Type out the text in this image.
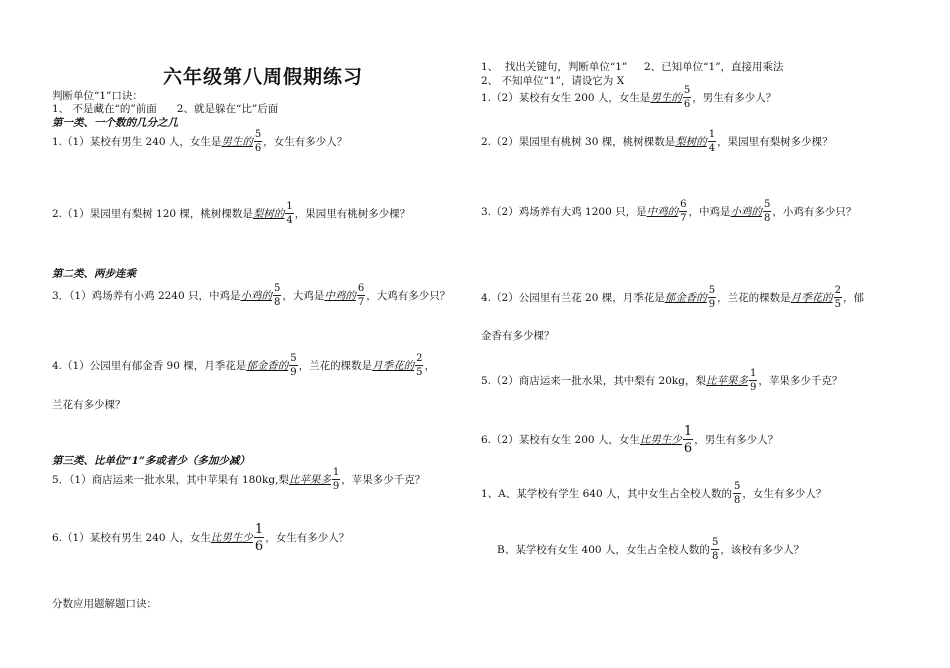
六年级第八周假期练习
判断单位“1”口诀：
1、 不是藏在“的”前面      2、就是躲在“比”后面
第一类、一个数的几分之几
1.（1）某校有男生 240 人，女生是男生的 $\frac{5}{6}$ ，女生有多少人？
2.（1）果园里有梨树 120 棵，桃树棵数是梨树的 $\frac{1}{4}$ ，果园里有桃树多少棵？
第二类、两步连乘
3．（1）鸡场养有小鸡 2240 只，中鸡是小鸡的 $\frac{5}{8}$ ，大鸡是中鸡的 $\frac{6}{7}$ ，大鸡有多少只？
4.（1）公园里有郁金香 90 棵，月季花是郁金香的 $\frac{5}{9}$ ，兰花的棵数是月季花的 $\frac{2}{5}$ ，
兰花有多少棵？
第三类、比单位“1”多或者少（多加少减）
5．（1）商店运来一批水果，其中苹果有 180kg,梨比苹果多 $\frac{1}{9}$ ，苹果多少千克？
6.（1）某校有男生 240 人，女生比男生少 $\frac{1}{6}$ ，女生有多少人？
分数应用题解题口诀：
1、  找出关键句，判断单位“1”     2、已知单位“1”，直接用乘法
2、 不知单位“1”，请设它为 X
1.（2）某校有女生 200 人，女生是男生的 $\frac{5}{6}$ ，男生有多少人？
2.（2）果园里有桃树 30 棵，桃树棵数是梨树的 $\frac{1}{4}$ ，果园里有梨树多少棵？
3.（2）鸡场养有大鸡 1200 只，是中鸡的 $\frac{6}{7}$ ，中鸡是小鸡的 $\frac{5}{8}$ ，小鸡有多少只？
4.（2）公园里有兰花 20 棵，月季花是郁金香的 $\frac{5}{9}$ ，兰花的棵数是月季花的 $\frac{2}{5}$ ，郁
金香有多少棵？
5.（2）商店运来一批水果，其中梨有 20kg，梨比苹果多 $\frac{1}{9}$ ，苹果多少千克？
6.（2）某校有女生 200 人，女生比男生少 $\frac{1}{6}$ ，男生有多少人？
1、A、某学校有学生 640 人，其中女生占全校人数的 $\frac{5}{8}$ ，女生有多少人？
B、某学校有女生 400 人，女生占全校人数的 $\frac{5}{8}$ ，该校有多少人？
